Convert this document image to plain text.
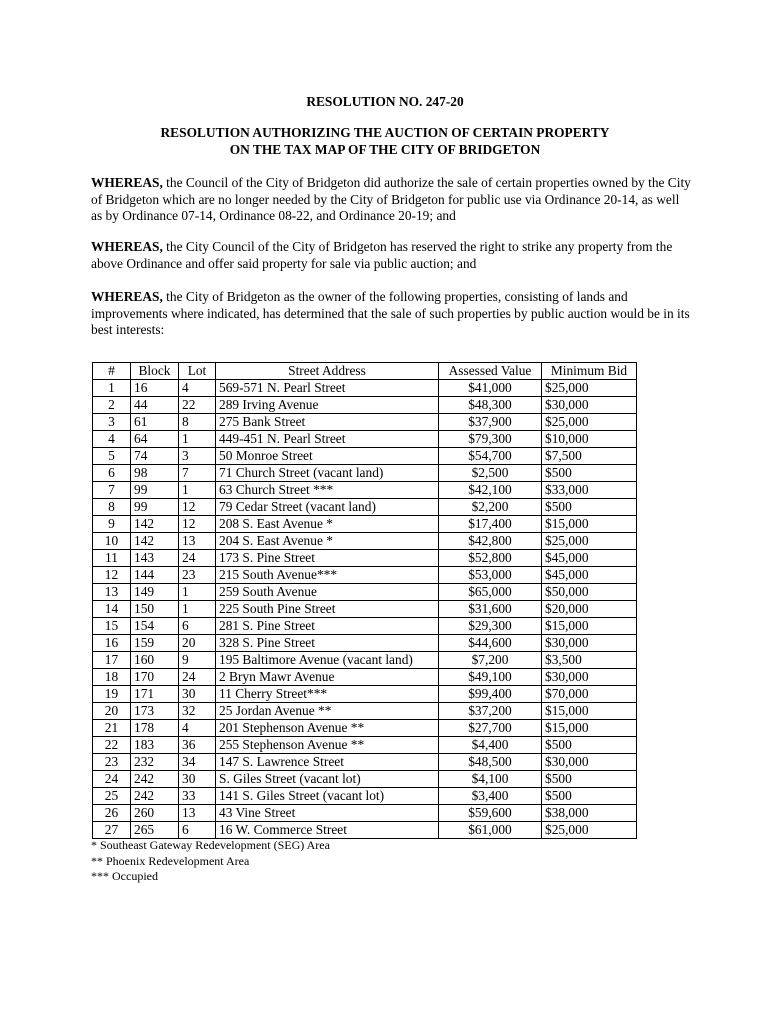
RESOLUTION NO. 247-20
RESOLUTION AUTHORIZING THE AUCTION OF CERTAIN PROPERTY
ON THE TAX MAP OF THE CITY OF BRIDGETON

WHEREAS, the Council of the City of Bridgeton did authorize the sale of certain properties owned by the City of Bridgeton which are no longer needed by the City of Bridgeton for public use via Ordinance 20-14, as well as by Ordinance 07-14, Ordinance 08-22, and Ordinance 20-19; and

WHEREAS, the City Council of the City of Bridgeton has reserved the right to strike any property from the above Ordinance and offer said property for sale via public auction; and

WHEREAS, the City of Bridgeton as the owner of the following properties, consisting of lands and improvements where indicated, has determined that the sale of such properties by public auction would be in its best interests:

#	Block	Lot	Street Address	Assessed Value	Minimum Bid
1	16	4	569-571 N. Pearl Street	$41,000	$25,000
2	44	22	289 Irving Avenue	$48,300	$30,000
3	61	8	275 Bank Street	$37,900	$25,000
4	64	1	449-451 N. Pearl Street	$79,300	$10,000
5	74	3	50 Monroe Street	$54,700	$7,500
6	98	7	71 Church Street (vacant land)	$2,500	$500
7	99	1	63 Church Street ***	$42,100	$33,000
8	99	12	79 Cedar Street (vacant land)	$2,200	$500
9	142	12	208 S. East Avenue *	$17,400	$15,000
10	142	13	204 S. East Avenue *	$42,800	$25,000
11	143	24	173 S. Pine Street	$52,800	$45,000
12	144	23	215 South Avenue***	$53,000	$45,000
13	149	1	259 South Avenue	$65,000	$50,000
14	150	1	225 South Pine Street	$31,600	$20,000
15	154	6	281 S. Pine Street	$29,300	$15,000
16	159	20	328 S. Pine Street	$44,600	$30,000
17	160	9	195 Baltimore Avenue (vacant land)	$7,200	$3,500
18	170	24	2 Bryn Mawr Avenue	$49,100	$30,000
19	171	30	11 Cherry Street***	$99,400	$70,000
20	173	32	25 Jordan Avenue **	$37,200	$15,000
21	178	4	201 Stephenson Avenue **	$27,700	$15,000
22	183	36	255 Stephenson Avenue **	$4,400	$500
23	232	34	147 S. Lawrence Street	$48,500	$30,000
24	242	30	S. Giles Street (vacant lot)	$4,100	$500
25	242	33	141 S. Giles Street (vacant lot)	$3,400	$500
26	260	13	43 Vine Street	$59,600	$38,000
27	265	6	16 W. Commerce Street	$61,000	$25,000
* Southeast Gateway Redevelopment (SEG) Area
** Phoenix Redevelopment Area
*** Occupied
